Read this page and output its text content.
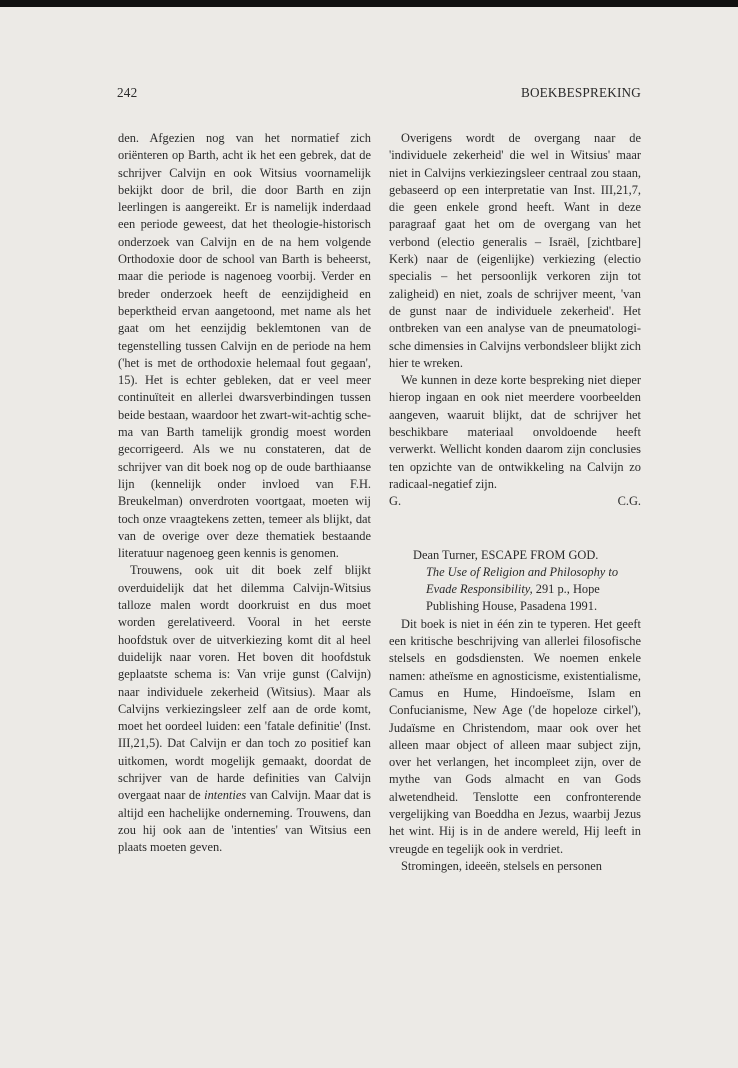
242	BOEKBESPREKING

den. Afgezien nog van het normatief zich oriënteren op Barth, acht ik het een gebrek, dat de schrijver Calvijn en ook Witsius voornamelijk bekijkt door de bril, die door Barth en zijn leerlingen is aangereikt. Er is namelijk inderdaad een periode geweest, dat het theologie-historisch onderzoek van Calvijn en de na hem volgende Orthodoxie door de school van Barth is beheerst, maar die periode is nagenoeg voorbij. Verder en breder onderzoek heeft de eenzijdigheid en beperktheid ervan aangetoond, met name als het gaat om het eenzijdig beklemtonen van de tegenstelling tussen Calvijn en de periode na hem ('het is met de orthodoxie helemaal fout gegaan', 15). Het is echter gebleken, dat er veel meer continuïteit en allerlei dwarsverbindingen tussen beide bestaan, waardoor het zwart-wit-achtig schema van Barth tamelijk grondig moest worden gecorrigeerd. Als we nu constateren, dat de schrijver van dit boek nog op de oude barthiaanse lijn (kennelijk onder invloed van F.H. Breukelman) onverdroten voortgaat, moeten wij toch onze vraagtekens zetten, temeer als blijkt, dat van de overige over deze thematiek bestaande literatuur nagenoeg geen kennis is genomen.

Trouwens, ook uit dit boek zelf blijkt overduidelijk dat het dilemma Calvijn-Witsius talloze malen wordt doorkruist en dus moet worden gerelativeerd. Vooral in het eerste hoofdstuk over de uitverkiezing komt dit al heel duidelijk naar voren. Het boven dit hoofdstuk geplaatste schema is: Van vrije gunst (Calvijn) naar individuele zekerheid (Witsius). Maar als Calvijns verkiezingsleer zelf aan de orde komt, moet het oordeel luiden: een 'fatale definitie' (Inst. III,21,5). Dat Calvijn er dan toch zo positief kan uitkomen, wordt mogelijk gemaakt, doordat de schrijver van de harde definities van Calvijn overgaat naar de intenties van Calvijn. Maar dat is altijd een hachelijke onderneming. Trouwens, dan zou hij ook aan de 'intenties' van Witsius een plaats moeten geven.

Overigens wordt de overgang naar de 'individuele zekerheid' die wel in Witsius' maar niet in Calvijns verkiezingsleer centraal zou staan, gebaseerd op een interpretatie van Inst. III,21,7, die geen enkele grond heeft. Want in deze paragraaf gaat het om de overgang van het verbond (electio generalis – Israël, [zichtbare] Kerk) naar de (eigenlijke) verkiezing (electio specialis – het persoonlijk verkoren zijn tot zaligheid) en niet, zoals de schrijver meent, 'van de gunst naar de individuele zekerheid'. Het ontbreken van een analyse van de pneumatologische dimensies in Calvijns verbondsleer blijkt zich hier te wreken.

We kunnen in deze korte bespreking niet dieper hierop ingaan en ook niet meerdere voorbeelden aangeven, waaruit blijkt, dat de schrijver het beschikbare materiaal onvoldoende heeft verwerkt. Wellicht konden daarom zijn conclusies ten opzichte van de ontwikkeling na Calvijn zo radicaal-negatief zijn.

G.	C.G.
Dean Turner, ESCAPE FROM GOD.
The Use of Religion and Philosophy to Evade Responsibility, 291 p., Hope
Publishing House, Pasadena 1991.

Dit boek is niet in één zin te typeren. Het geeft een kritische beschrijving van allerlei filosofische stelsels en godsdiensten. We noemen enkele namen: atheïsme en agnosticisme, existentialisme, Camus en Hume, Hindoeïsme, Islam en Confucianisme, New Age ('de hopeloze cirkel'), Judaïsme en Christendom, maar ook over het alleen maar object of alleen maar subject zijn, over het verlangen, het incompleet zijn, over de mythe van Gods almacht en van Gods alwetendheid. Tenslotte een confronterende vergelijking van Boeddha en Jezus, waarbij Jezus het wint. Hij is in de andere wereld, Hij leeft in vreugde en tegelijk ook in verdriet.

Stromingen, ideeën, stelsels en personen
